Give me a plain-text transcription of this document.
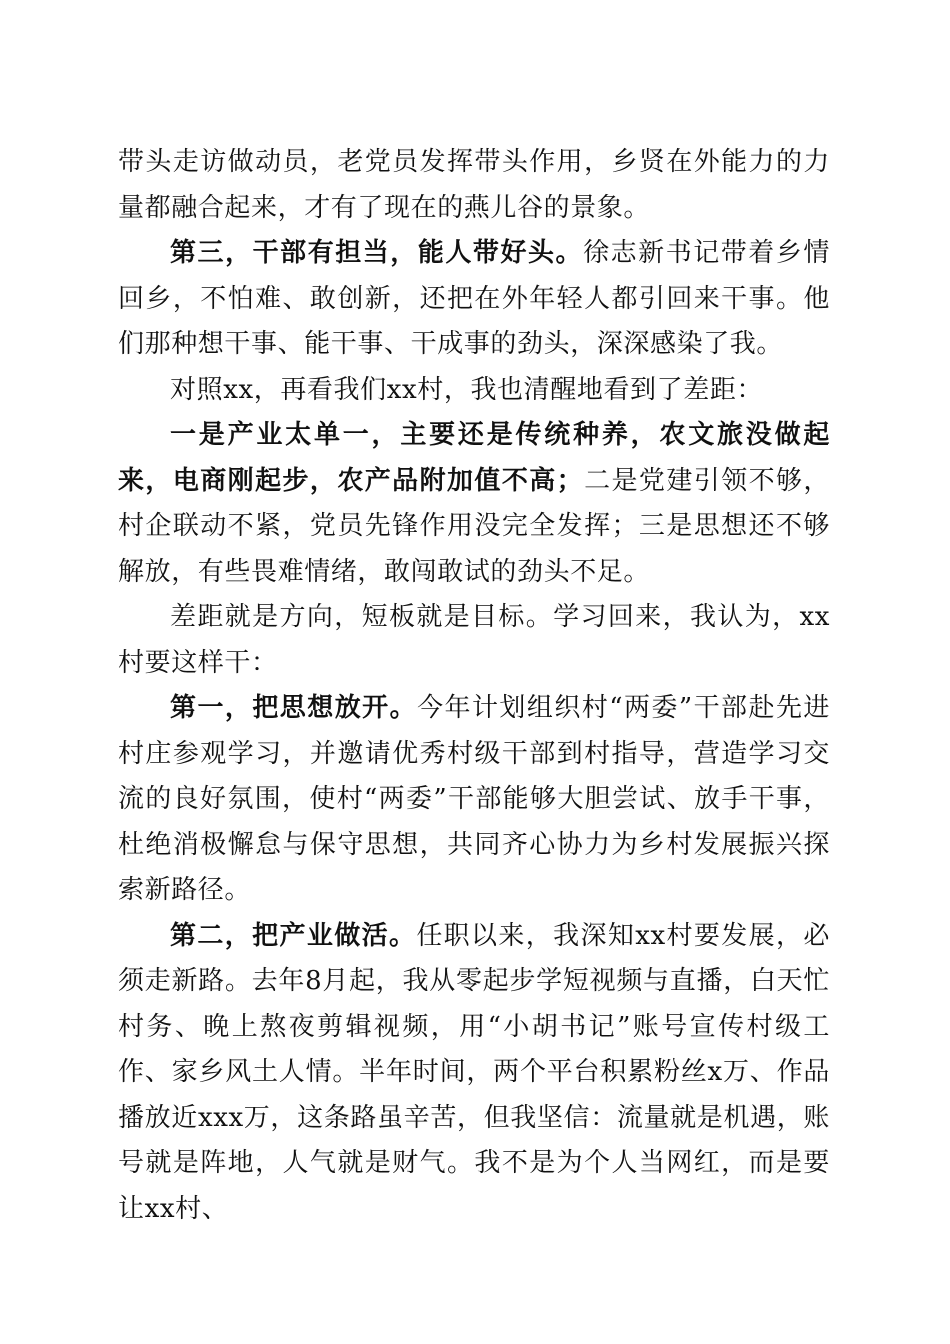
带头走访做动员，老党员发挥带头作用，乡贤在外能力的力量都融合起来，才有了现在的燕儿谷的景象。

第三，干部有担当，能人带好头。徐志新书记带着乡情回乡，不怕难、敢创新，还把在外年轻人都引回来干事。他们那种想干事、能干事、干成事的劲头，深深感染了我。

对照xx，再看我们xx村，我也清醒地看到了差距：

一是产业太单一，主要还是传统种养，农文旅没做起来，电商刚起步，农产品附加值不高；二是党建引领不够，村企联动不紧，党员先锋作用没完全发挥；三是思想还不够解放，有些畏难情绪，敢闯敢试的劲头不足。

差距就是方向，短板就是目标。学习回来，我认为，xx村要这样干：

第一，把思想放开。今年计划组织村“两委”干部赴先进村庄参观学习，并邀请优秀村级干部到村指导，营造学习交流的良好氛围，使村“两委”干部能够大胆尝试、放手干事，杜绝消极懈怠与保守思想，共同齐心协力为乡村发展振兴探索新路径。

第二，把产业做活。任职以来，我深知xx村要发展，必须走新路。去年8月起，我从零起步学短视频与直播，白天忙村务、晚上熬夜剪辑视频，用“小胡书记”账号宣传村级工作、家乡风土人情。半年时间，两个平台积累粉丝x万、作品播放近xxx万，这条路虽辛苦，但我坚信：流量就是机遇，账号就是阵地，人气就是财气。我不是为个人当网红，而是要让xx村、
